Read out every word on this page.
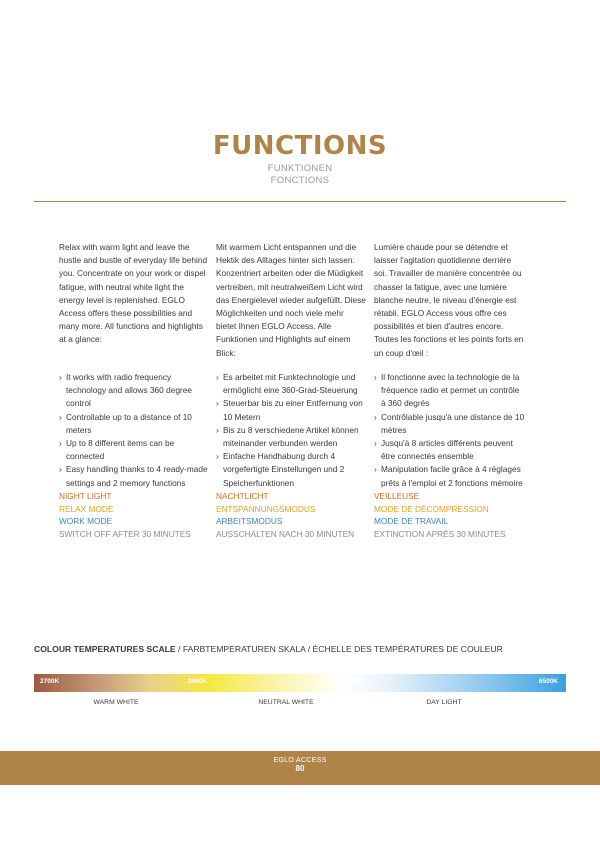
FUNCTIONS
FUNKTIONEN
FONCTIONS

Relax with warm light and leave the hustle and bustle of everyday life behind you. Concentrate on your work or dispel fatigue, with neutral white light the energy level is replenished. EGLO Access offers these possibilities and many more. All functions and highlights at a glance:

› It works with radio frequency technology and allows 360 degree control

› Controllable up to a distance of 10 meters

› Up to 8 different items can be connected

› Easy handling thanks to 4 ready-made settings and 2 memory functions

NIGHT LIGHT
RELAX MODE
WORK MODE
SWITCH OFF AFTER 30 MINUTES

Mit warmem Licht entspannen und die Hektik des Alltages hinter sich lassen. Konzentriert arbeiten oder die Müdigkeit vertreiben, mit neutralweißem Licht wird das Energielevel wieder aufgefüllt. Diese Möglichkeiten und noch viele mehr bietet Ihnen EGLO Access. Alle Funktionen und Highlights auf einem Blick:

› Es arbeitet mit Funktechnologie und ermöglicht eine 360-Grad-Steuerung

› Steuerbar bis zu einer Entfernung von 10 Metern

› Bis zu 8 verschiedene Artikel können miteinander verbunden werden

› Einfache Handhabung durch 4 vorgefertigte Einstellungen und 2 Speicherfunktionen

NACHTLICHT
ENTSPANNUNGSMODUS
ARBEITSMODUS
AUSSCHALTEN NACH 30 MINUTEN

Lumière chaude pour se détendre et laisser l'agitation quotidienne derrière soi. Travailler de manière concentrée ou chasser la fatigue, avec une lumière blanche neutre, le niveau d'énergie est rétabli. EGLO Access vous offre ces possibilités et bien d'autres encore. Toutes les fonctions et les points forts en un coup d'œil :

› Il fonctionne avec la technologie de la fréquence radio et permet un contrôle à 360 degrés

› Contrôlable jusqu'à une distance de 10 mètres

› Jusqu'à 8 articles différents peuvent être connectés ensemble

› Manipulation facile grâce à 4 réglages prêts à l'emploi et 2 fonctions mémoire

VEILLEUSE
MODE DE DÉCOMPRESSION
MODE DE TRAVAIL
EXTINCTION APRÈS 30 MINUTES
COLOUR TEMPERATURES SCALE / FARBTEMPERATUREN SKALA / ÉCHELLE DES TEMPÉRATURES DE COULEUR
2700K	3000K	4500K	6500K
WARM WHITE	NEUTRAL WHITE	DAY LIGHT
EGLO ACCESS
80
